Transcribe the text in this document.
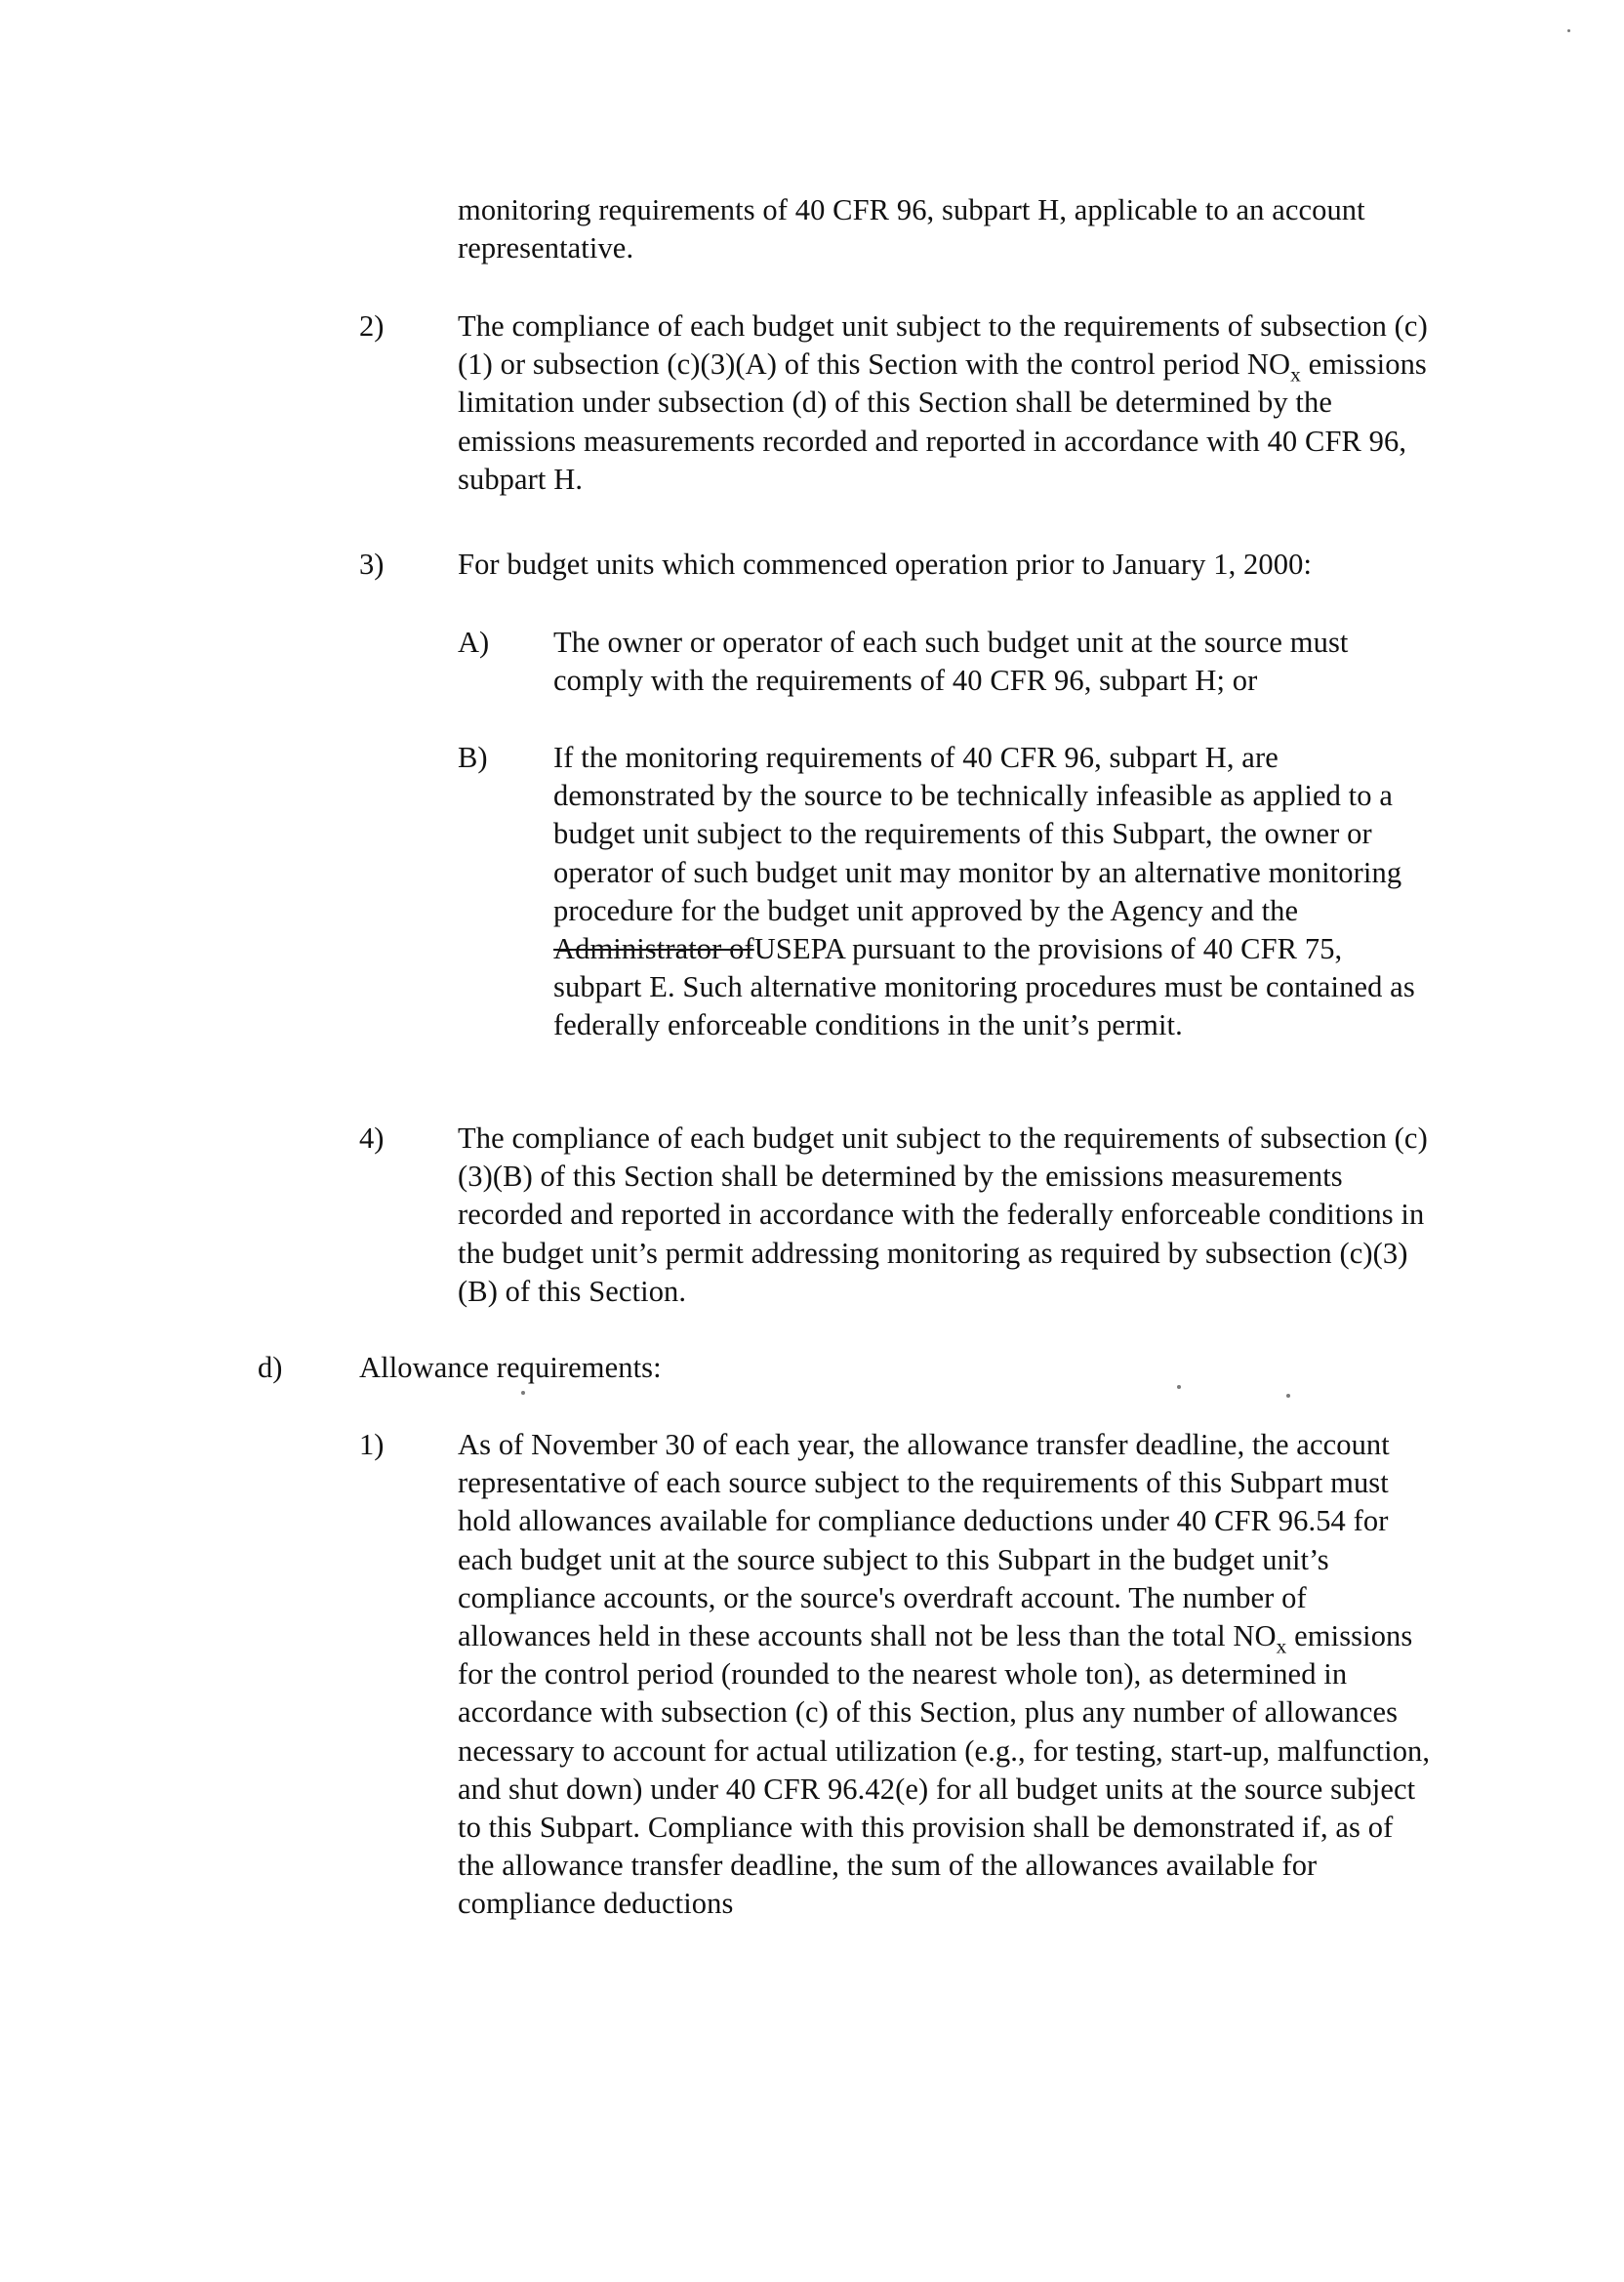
monitoring requirements of 40 CFR 96, subpart H, applicable to an account representative.

2) The compliance of each budget unit subject to the requirements of subsection (c)(1) or subsection (c)(3)(A) of this Section with the control period $NO_x$ emissions limitation under subsection (d) of this Section shall be determined by the emissions measurements recorded and reported in accordance with 40 CFR 96, subpart H.

3) For budget units which commenced operation prior to January 1, 2000:

A) The owner or operator of each such budget unit at the source must comply with the requirements of 40 CFR 96, subpart H; or

B) If the monitoring requirements of 40 CFR 96, subpart H, are demonstrated by the source to be technically infeasible as applied to a budget unit subject to the requirements of this Subpart, the owner or operator of such budget unit may monitor by an alternative monitoring procedure for the budget unit approved by the Agency and the Administrator ofUSEPA pursuant to the provisions of 40 CFR 75, subpart E. Such alternative monitoring procedures must be contained as federally enforceable conditions in the unit’s permit.

4) The compliance of each budget unit subject to the requirements of subsection (c)(3)(B) of this Section shall be determined by the emissions measurements recorded and reported in accordance with the federally enforceable conditions in the budget unit’s permit addressing monitoring as required by subsection (c)(3)(B) of this Section.

d)	Allowance requirements:

1) As of November 30 of each year, the allowance transfer deadline, the account representative of each source subject to the requirements of this Subpart must hold allowances available for compliance deductions under 40 CFR 96.54 for each budget unit at the source subject to this Subpart in the budget unit’s compliance accounts, or the source's overdraft account. The number of allowances held in these accounts shall not be less than the total $NO_x$ emissions for the control period (rounded to the nearest whole ton), as determined in accordance with subsection (c) of this Section, plus any number of allowances necessary to account for actual utilization (e.g., for testing, start-up, malfunction, and shut down) under 40 CFR 96.42(e) for all budget units at the source subject to this Subpart. Compliance with this provision shall be demonstrated if, as of the allowance transfer deadline, the sum of the allowances available for compliance deductions
